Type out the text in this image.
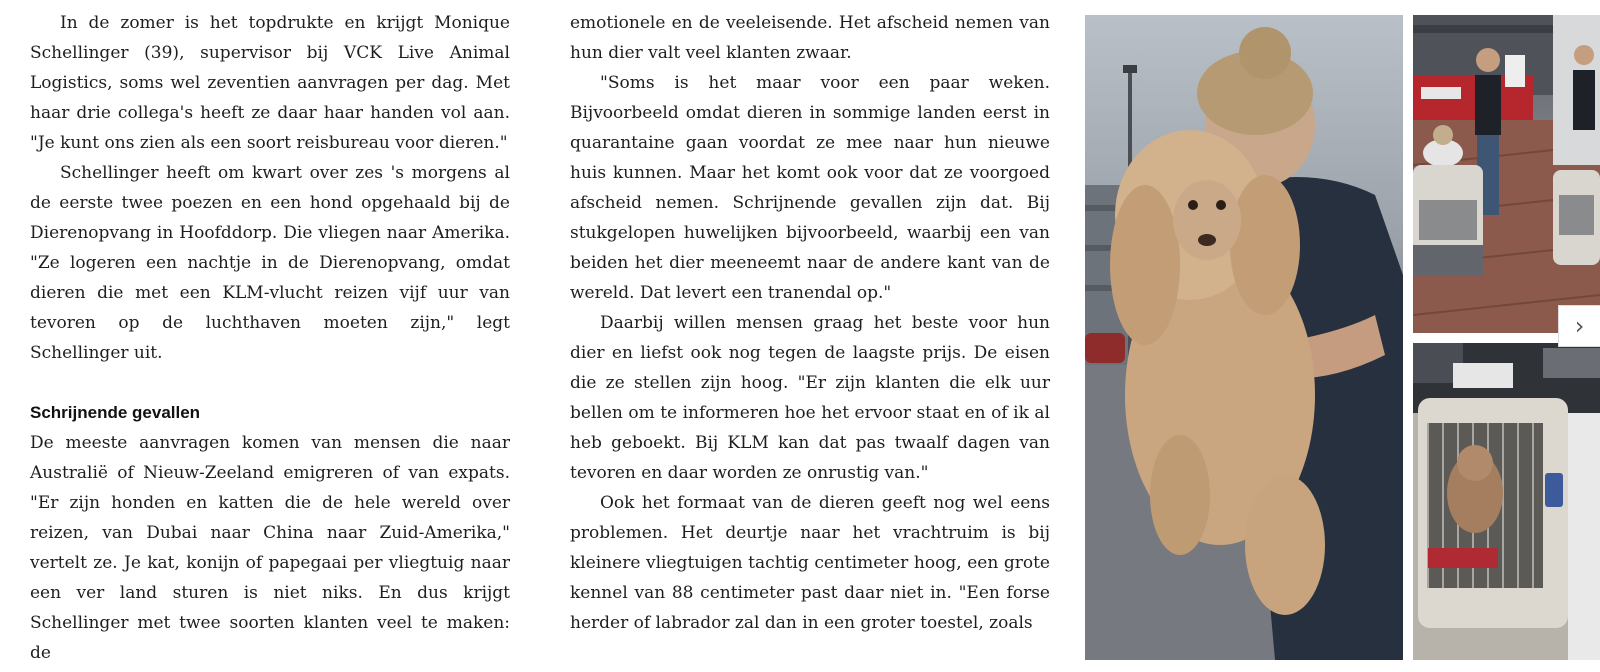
In de zomer is het topdrukte en krijgt Monique Schellinger (39), supervisor bij VCK Live Animal Logistics, soms wel zeventien aanvragen per dag. Met haar drie collega's heeft ze daar haar handen vol aan. "Je kunt ons zien als een soort reisbureau voor dieren."

Schellinger heeft om kwart over zes 's morgens al de eerste twee poezen en een hond opgehaald bij de Dierenopvang in Hoofddorp. Die vliegen naar Amerika. "Ze logeren een nachtje in de Dierenopvang, omdat dieren die met een KLM-vlucht reizen vijf uur van tevoren op de luchthaven moeten zijn," legt Schellinger uit.

Schrijnende gevallen

De meeste aanvragen komen van mensen die naar Australië of Nieuw-Zeeland emigreren of van expats. "Er zijn honden en katten die de hele wereld over reizen, van Dubai naar China naar Zuid-Amerika," vertelt ze. Je kat, konijn of papegaai per vliegtuig naar een ver land sturen is niet niks. En dus krijgt Schellinger met twee soorten klanten veel te maken: de

emotionele en de veeleisende. Het afscheid nemen van hun dier valt veel klanten zwaar.

"Soms is het maar voor een paar weken. Bijvoorbeeld omdat dieren in sommige landen eerst in quarantaine gaan voordat ze mee naar hun nieuwe huis kunnen. Maar het komt ook voor dat ze voorgoed afscheid nemen. Schrijnende gevallen zijn dat. Bij stukgelopen huwelijken bijvoorbeeld, waarbij een van beiden het dier meeneemt naar de andere kant van de wereld. Dat levert een tranendal op."

Daarbij willen mensen graag het beste voor hun dier en liefst ook nog tegen de laagste prijs. De eisen die ze stellen zijn hoog. "Er zijn klanten die elk uur bellen om te informeren hoe het ervoor staat en of ik al heb geboekt. Bij KLM kan dat pas twaalf dagen van tevoren en daar worden ze onrustig van."

Ook het formaat van de dieren geeft nog wel eens problemen. Het deurtje naar het vrachtruim is bij kleinere vliegtuigen tachtig centimeter hoog, een grote kennel van 88 centimeter past daar niet in. "Een forse herder of labrador zal dan in een groter toestel, zoals

›
